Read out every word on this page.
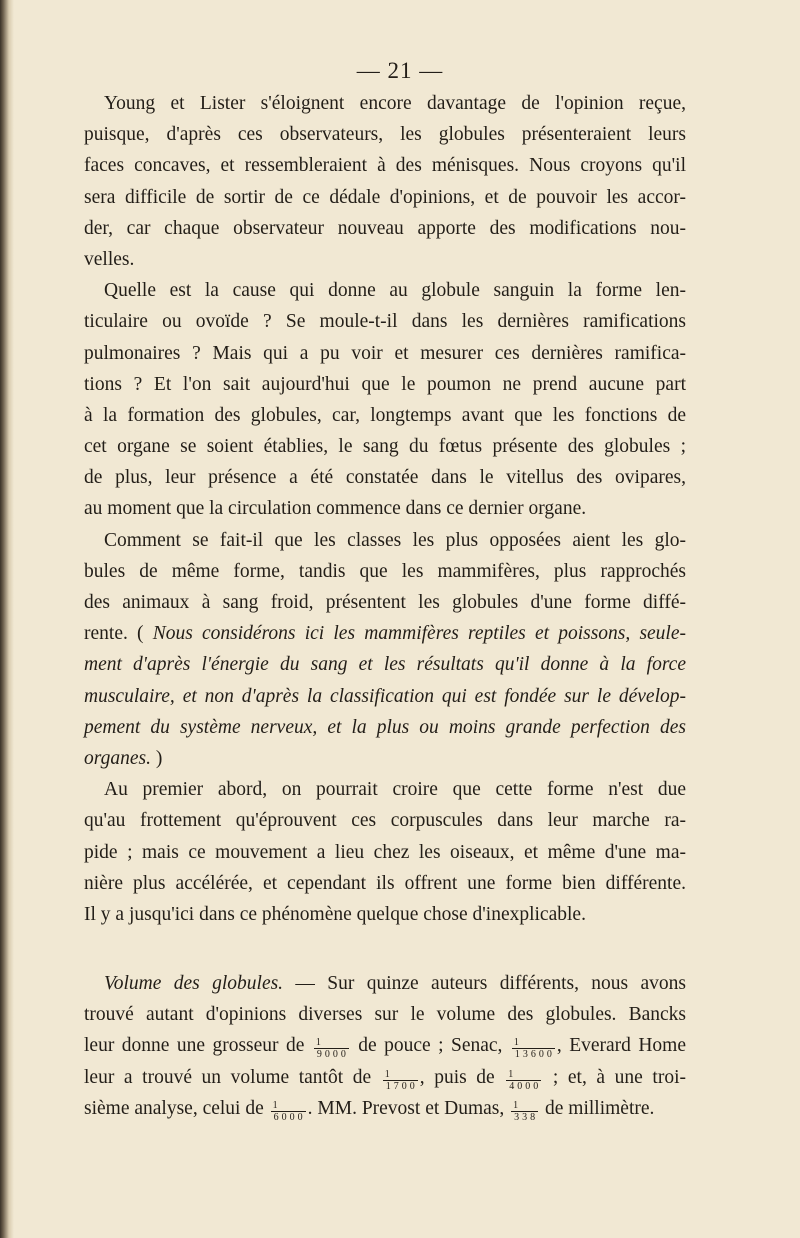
— 21 —
Young et Lister s'éloignent encore davantage de l'opinion reçue,
puisque, d'après ces observateurs, les globules présenteraient leurs
faces concaves, et ressembleraient à des ménisques. Nous croyons qu'il
sera difficile de sortir de ce dédale d'opinions, et de pouvoir les accor-
der, car chaque observateur nouveau apporte des modifications nou-
velles.
Quelle est la cause qui donne au globule sanguin la forme len-
ticulaire ou ovoïde ? Se moule-t-il dans les dernières ramifications
pulmonaires ? Mais qui a pu voir et mesurer ces dernières ramifica-
tions ? Et l'on sait aujourd'hui que le poumon ne prend aucune part
à la formation des globules, car, longtemps avant que les fonctions de
cet organe se soient établies, le sang du fœtus présente des globules ;
de plus, leur présence a été constatée dans le vitellus des ovipares,
au moment que la circulation commence dans ce dernier organe.
Comment se fait-il que les classes les plus opposées aient les glo-
bules de même forme, tandis que les mammifères, plus rapprochés
des animaux à sang froid, présentent les globules d'une forme diffé-
rente. ( Nous considérons ici les mammifères reptiles et poissons, seule-
ment d'après l'énergie du sang et les résultats qu'il donne à la force
musculaire, et non d'après la classification qui est fondée sur le dévelop-
pement du système nerveux, et la plus ou moins grande perfection des
organes. )
Au premier abord, on pourrait croire que cette forme n'est due
qu'au frottement qu'éprouvent ces corpuscules dans leur marche ra-
pide ; mais ce mouvement a lieu chez les oiseaux, et même d'une ma-
nière plus accélérée, et cependant ils offrent une forme bien différente.
Il y a jusqu'ici dans ce phénomène quelque chose d'inexplicable.
Volume des globules. — Sur quinze auteurs différents, nous avons
trouvé autant d'opinions diverses sur le volume des globules. Bancks
leur donne une grosseur de $\frac{1}{9000}$ de pouce ; Senac, $\frac{1}{13600}$ , Everard Home
leur a trouvé un volume tantôt de $\frac{1}{1700}$ , puis de $\frac{1}{4000}$ ; et, à une troi-
sième analyse, celui de $\frac{1}{6000}$ . MM. Prevost et Dumas, $\frac{1}{338}$ de millimètre.
